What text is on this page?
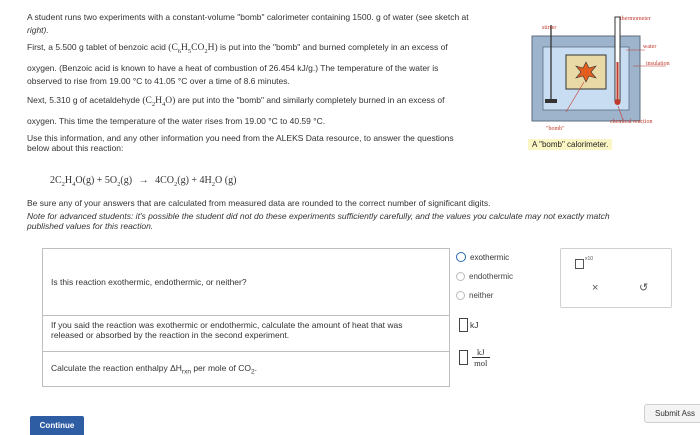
A student runs two experiments with a constant-volume "bomb" calorimeter containing 1500. g of water (see sketch at
right).
First, a 5.500 g tablet of benzoic acid $(C_6H_5CO_2H)$ is put into the "bomb" and burned completely in an excess of
oxygen. (Benzoic acid is known to have a heat of combustion of 26.454 kJ/g.) The temperature of the water is
observed to rise from 19.00 °C to 41.05 °C over a time of 8.6 minutes.
Next, 5.310 g of acetaldehyde $(C_2H_4O)$ are put into the "bomb" and similarly completely burned in an excess of
oxygen. This time the temperature of the water rises from 19.00 °C to 40.59 °C.
Use this information, and any other information you need from the ALEKS Data resource, to answer the questions
below about this reaction:
$2C_2H_4O(g) + 5O_2(g) \to 4CO_2(g) + 4H_2O$ (g)
Be sure any of your answers that are calculated from measured data are rounded to the correct number of significant digits.
Note for advanced students: it's possible the student did not do these experiments sufficiently carefully, and the values you calculate may not exactly match
published values for this reaction.
thermometer
stirrer
water
insulation
chemical reaction
"bomb"
A "bomb" calorimeter.
Is this reaction exothermic, endothermic, or neither?
If you said the reaction was exothermic or endothermic, calculate the amount of heat that was
released or absorbed by the reaction in the second experiment.
Calculate the reaction enthalpy $\Delta H_{rxn}$ per mole of $CO_2$.
exothermic
endothermic
neither
kJ
kJ
mol
x10
×	↺
Continue
Submit Ass
